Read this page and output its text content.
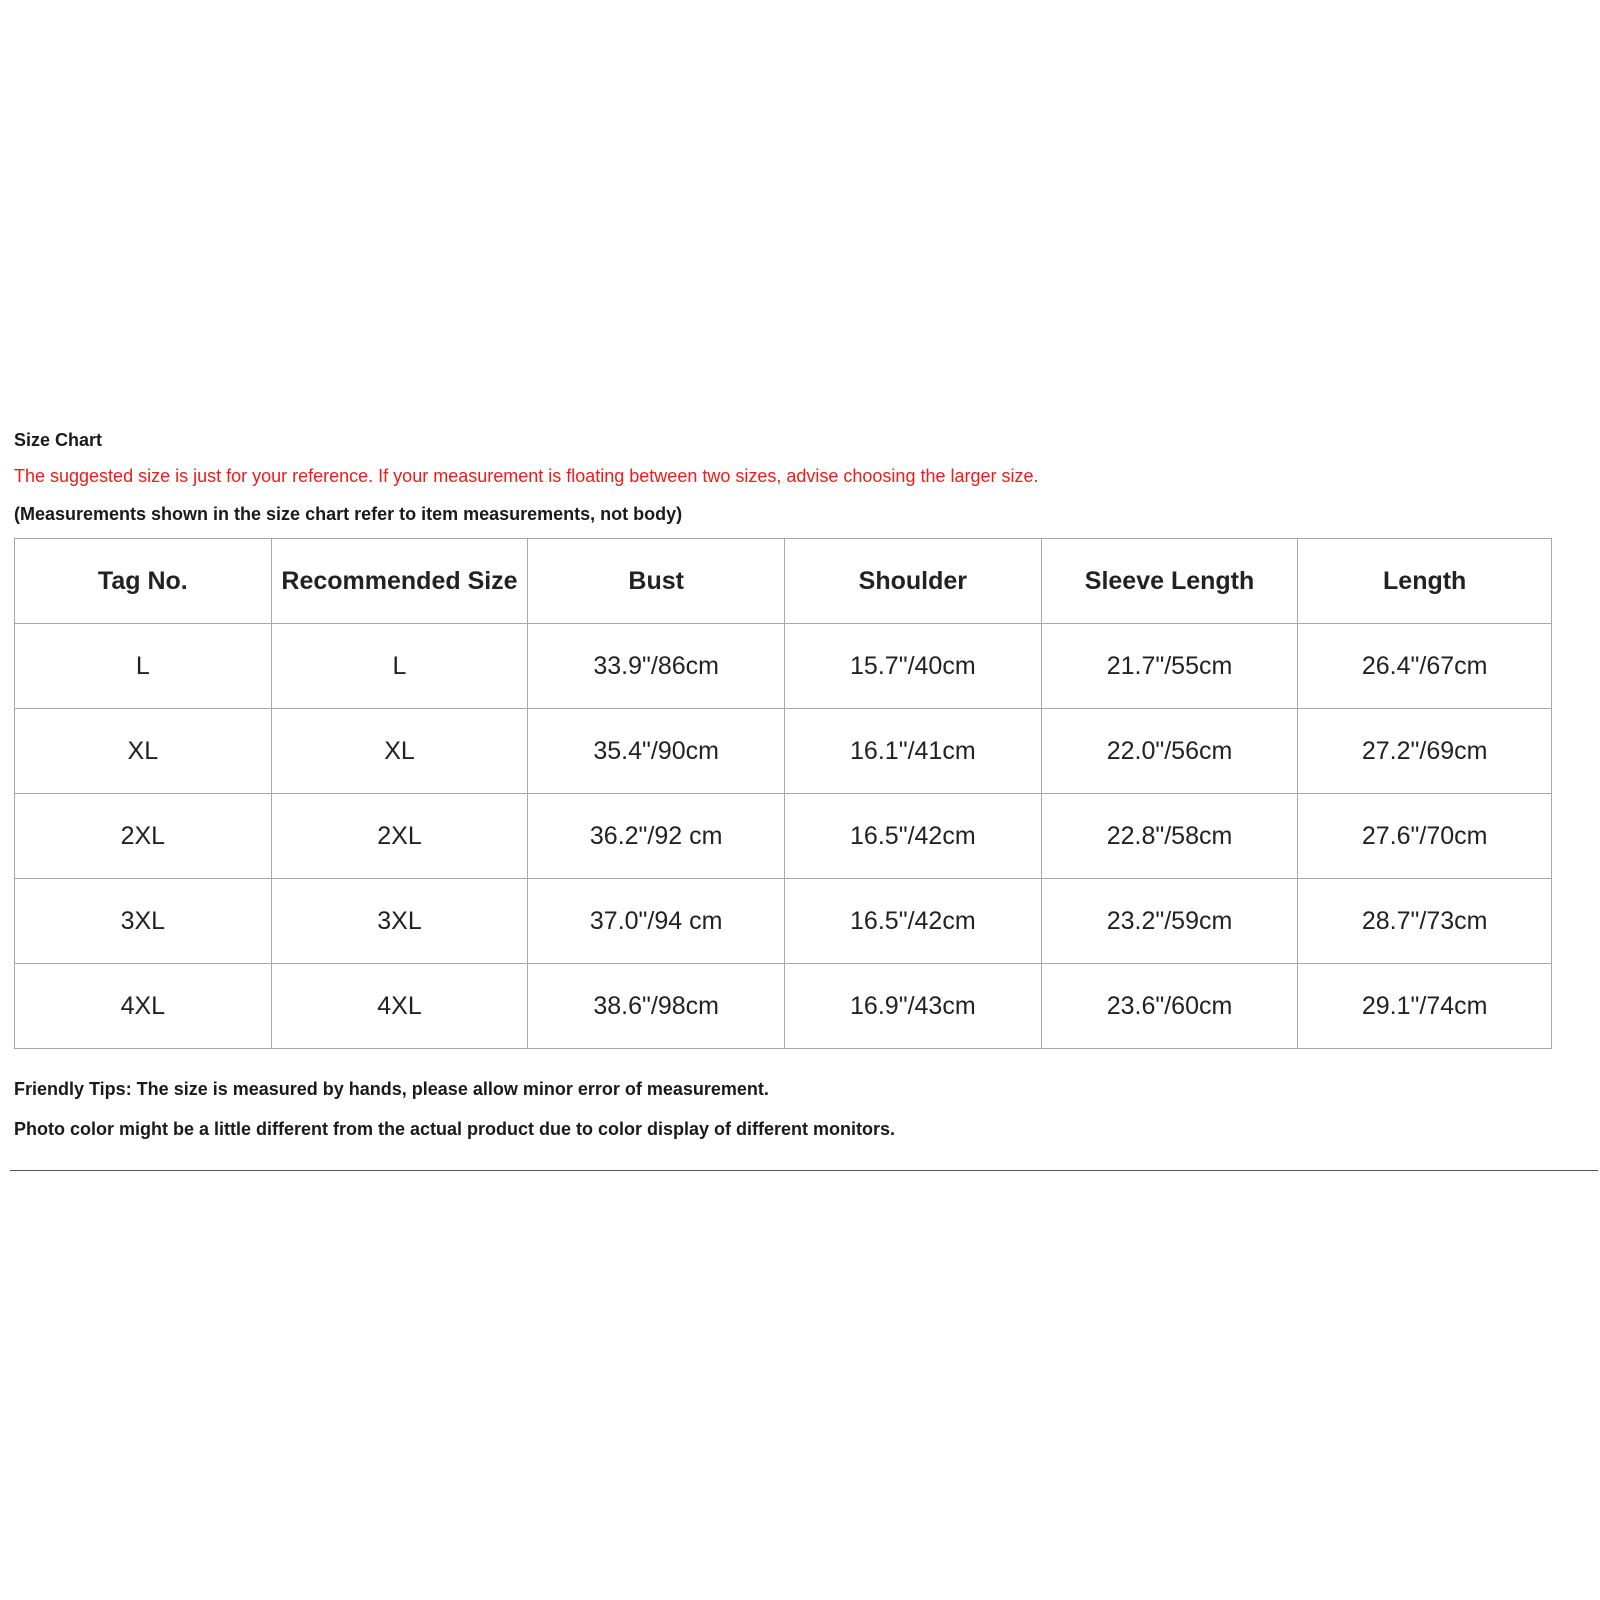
Size Chart
The suggested size is just for your reference. If your measurement is floating between two sizes, advise choosing the larger size.
(Measurements shown in the size chart refer to item measurements, not body)
Tag No.	Recommended Size	Bust	Shoulder	Sleeve Length	Length
L	L	33.9"/86cm	15.7"/40cm	21.7"/55cm	26.4"/67cm
XL	XL	35.4"/90cm	16.1"/41cm	22.0"/56cm	27.2"/69cm
2XL	2XL	36.2"/92 cm	16.5"/42cm	22.8"/58cm	27.6"/70cm
3XL	3XL	37.0"/94 cm	16.5"/42cm	23.2"/59cm	28.7"/73cm
4XL	4XL	38.6"/98cm	16.9"/43cm	23.6"/60cm	29.1"/74cm
Friendly Tips: The size is measured by hands, please allow minor error of measurement.
Photo color might be a little different from the actual product due to color display of different monitors.
